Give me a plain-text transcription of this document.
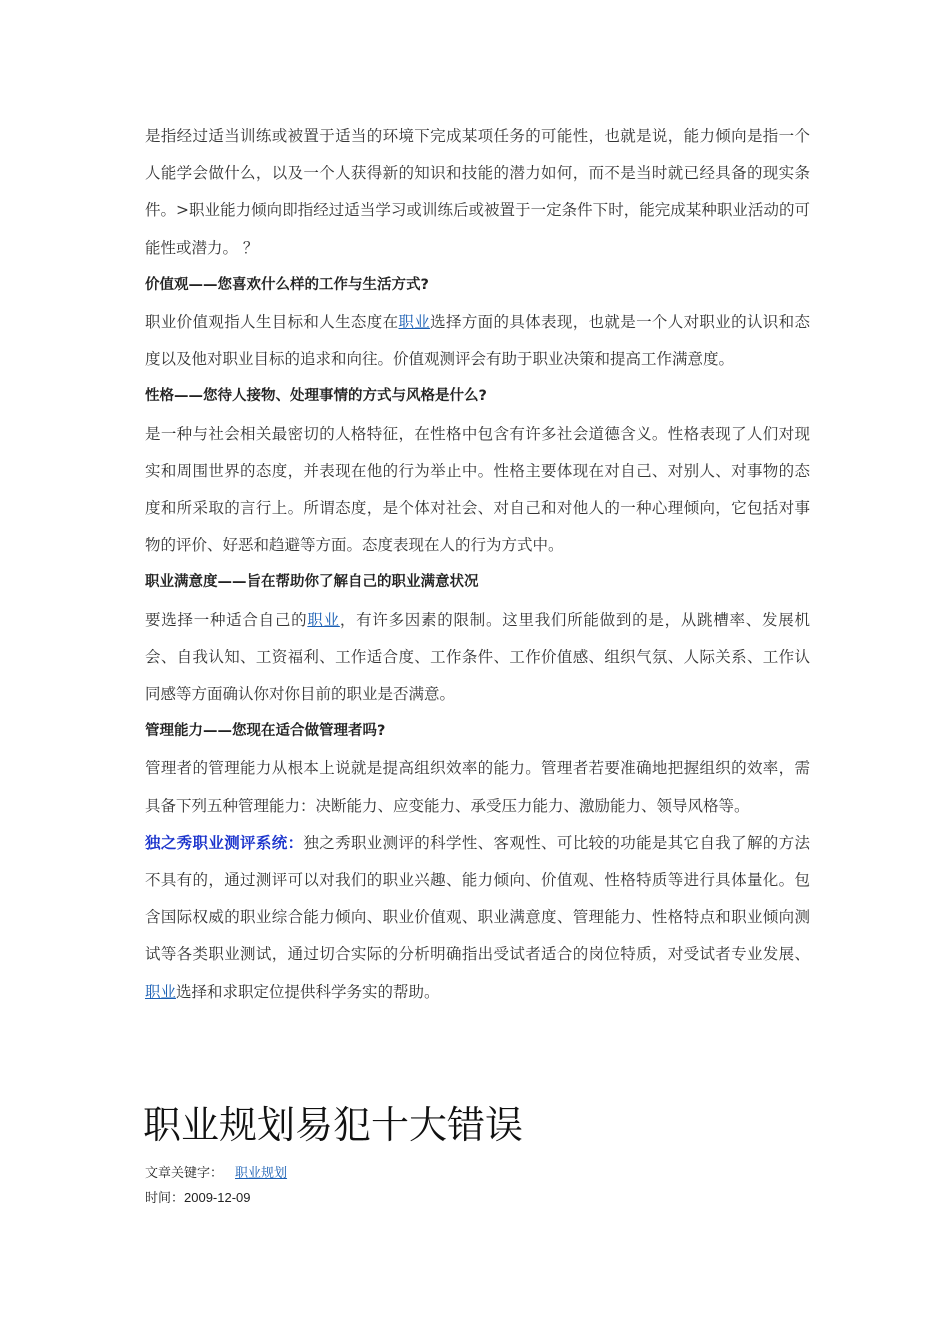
是指经过适当训练或被置于适当的环境下完成某项任务的可能性，也就是说，能力倾向是指一个人能学会做什么，以及一个人获得新的知识和技能的潜力如何，而不是当时就已经具备的现实条件。>职业能力倾向即指经过适当学习或训练后或被置于一定条件下时，能完成某种职业活动的可能性或潜力。 ？

价值观——您喜欢什么样的工作与生活方式?

职业价值观指人生目标和人生态度在职业选择方面的具体表现，也就是一个人对职业的认识和态度以及他对职业目标的追求和向往。价值观测评会有助于职业决策和提高工作满意度。

性格——您待人接物、处理事情的方式与风格是什么?

是一种与社会相关最密切的人格特征，在性格中包含有许多社会道德含义。性格表现了人们对现实和周围世界的态度，并表现在他的行为举止中。性格主要体现在对自己、对别人、对事物的态度和所采取的言行上。所谓态度，是个体对社会、对自己和对他人的一种心理倾向，它包括对事物的评价、好恶和趋避等方面。态度表现在人的行为方式中。

职业满意度——旨在帮助你了解自己的职业满意状况

要选择一种适合自己的职业，有许多因素的限制。这里我们所能做到的是，从跳槽率、发展机会、自我认知、工资福利、工作适合度、工作条件、工作价值感、组织气氛、人际关系、工作认同感等方面确认你对你目前的职业是否满意。

管理能力——您现在适合做管理者吗?

管理者的管理能力从根本上说就是提高组织效率的能力。管理者若要准确地把握组织的效率，需具备下列五种管理能力：决断能力、应变能力、承受压力能力、激励能力、领导风格等。

独之秀职业测评系统：独之秀职业测评的科学性、客观性、可比较的功能是其它自我了解的方法不具有的，通过测评可以对我们的职业兴趣、能力倾向、价值观、性格特质等进行具体量化。包含国际权威的职业综合能力倾向、职业价值观、职业满意度、管理能力、性格特点和职业倾向测试等各类职业测试，通过切合实际的分析明确指出受试者适合的岗位特质，对受试者专业发展、职业选择和求职定位提供科学务实的帮助。

职业规划易犯十大错误
文章关键字： 职业规划
时间：2009-12-09
